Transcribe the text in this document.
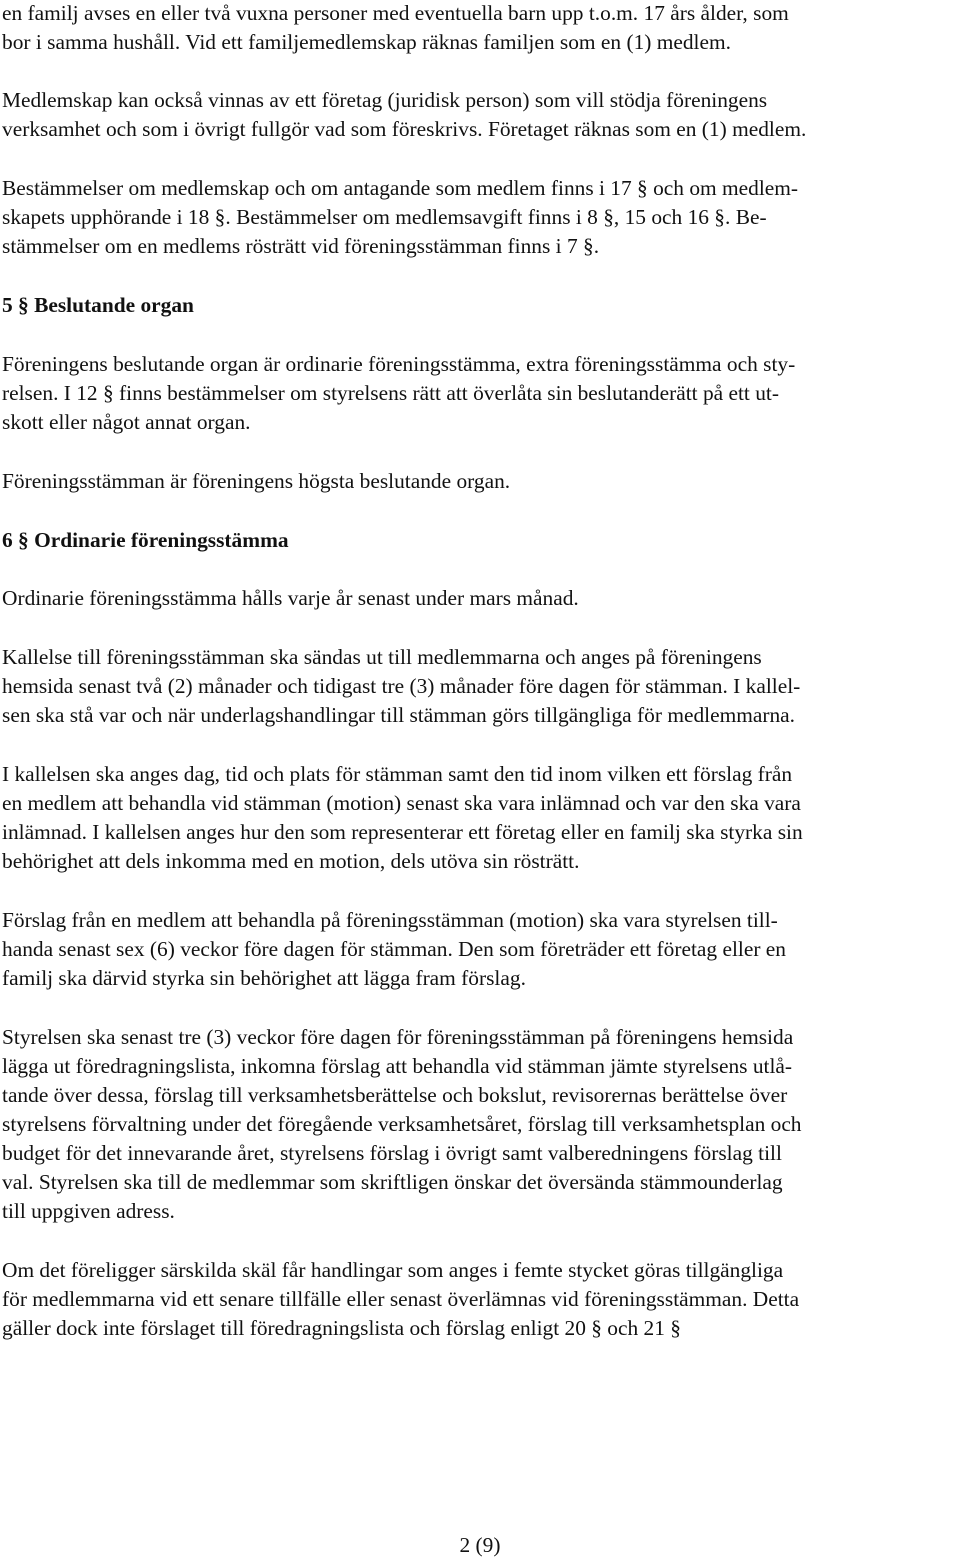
en familj avses en eller två vuxna personer med eventuella barn upp t.o.m. 17 års ålder, som
bor i samma hushåll. Vid ett familjemedlemskap räknas familjen som en (1) medlem.
Medlemskap kan också vinnas av ett företag (juridisk person) som vill stödja föreningens
verksamhet och som i övrigt fullgör vad som föreskrivs. Företaget räknas som en (1) medlem.
Bestämmelser om medlemskap och om antagande som medlem finns i 17 § och om medlem-
skapets upphörande i 18 §. Bestämmelser om medlemsavgift finns i 8 §, 15 och 16 §. Be-
stämmelser om en medlems rösträtt vid föreningsstämman finns i 7 §.
5 § Beslutande organ
Föreningens beslutande organ är ordinarie föreningsstämma, extra föreningsstämma och sty-
relsen. I 12 § finns bestämmelser om styrelsens rätt att överlåta sin beslutanderätt på ett ut-
skott eller något annat organ.
Föreningsstämman är föreningens högsta beslutande organ.
6 § Ordinarie föreningsstämma
Ordinarie föreningsstämma hålls varje år senast under mars månad.
Kallelse till föreningsstämman ska sändas ut till medlemmarna och anges på föreningens
hemsida senast två (2) månader och tidigast tre (3) månader före dagen för stämman. I kallel-
sen ska stå var och när underlagshandlingar till stämman görs tillgängliga för medlemmarna.
I kallelsen ska anges dag, tid och plats för stämman samt den tid inom vilken ett förslag från
en medlem att behandla vid stämman (motion) senast ska vara inlämnad och var den ska vara
inlämnad. I kallelsen anges hur den som representerar ett företag eller en familj ska styrka sin
behörighet att dels inkomma med en motion, dels utöva sin rösträtt.
Förslag från en medlem att behandla på föreningsstämman (motion) ska vara styrelsen till-
handa senast sex (6) veckor före dagen för stämman. Den som företräder ett företag eller en
familj ska därvid styrka sin behörighet att lägga fram förslag.
Styrelsen ska senast tre (3) veckor före dagen för föreningsstämman på föreningens hemsida
lägga ut föredragningslista, inkomna förslag att behandla vid stämman jämte styrelsens utlå-
tande över dessa, förslag till verksamhetsberättelse och bokslut, revisorernas berättelse över
styrelsens förvaltning under det föregående verksamhetsåret, förslag till verksamhetsplan och
budget för det innevarande året, styrelsens förslag i övrigt samt valberedningens förslag till
val. Styrelsen ska till de medlemmar som skriftligen önskar det översända stämmounderlag
till uppgiven adress.
Om det föreligger särskilda skäl får handlingar som anges i femte stycket göras tillgängliga
för medlemmarna vid ett senare tillfälle eller senast överlämnas vid föreningsstämman. Detta
gäller dock inte förslaget till föredragningslista och förslag enligt 20 § och 21 §
2 (9)
